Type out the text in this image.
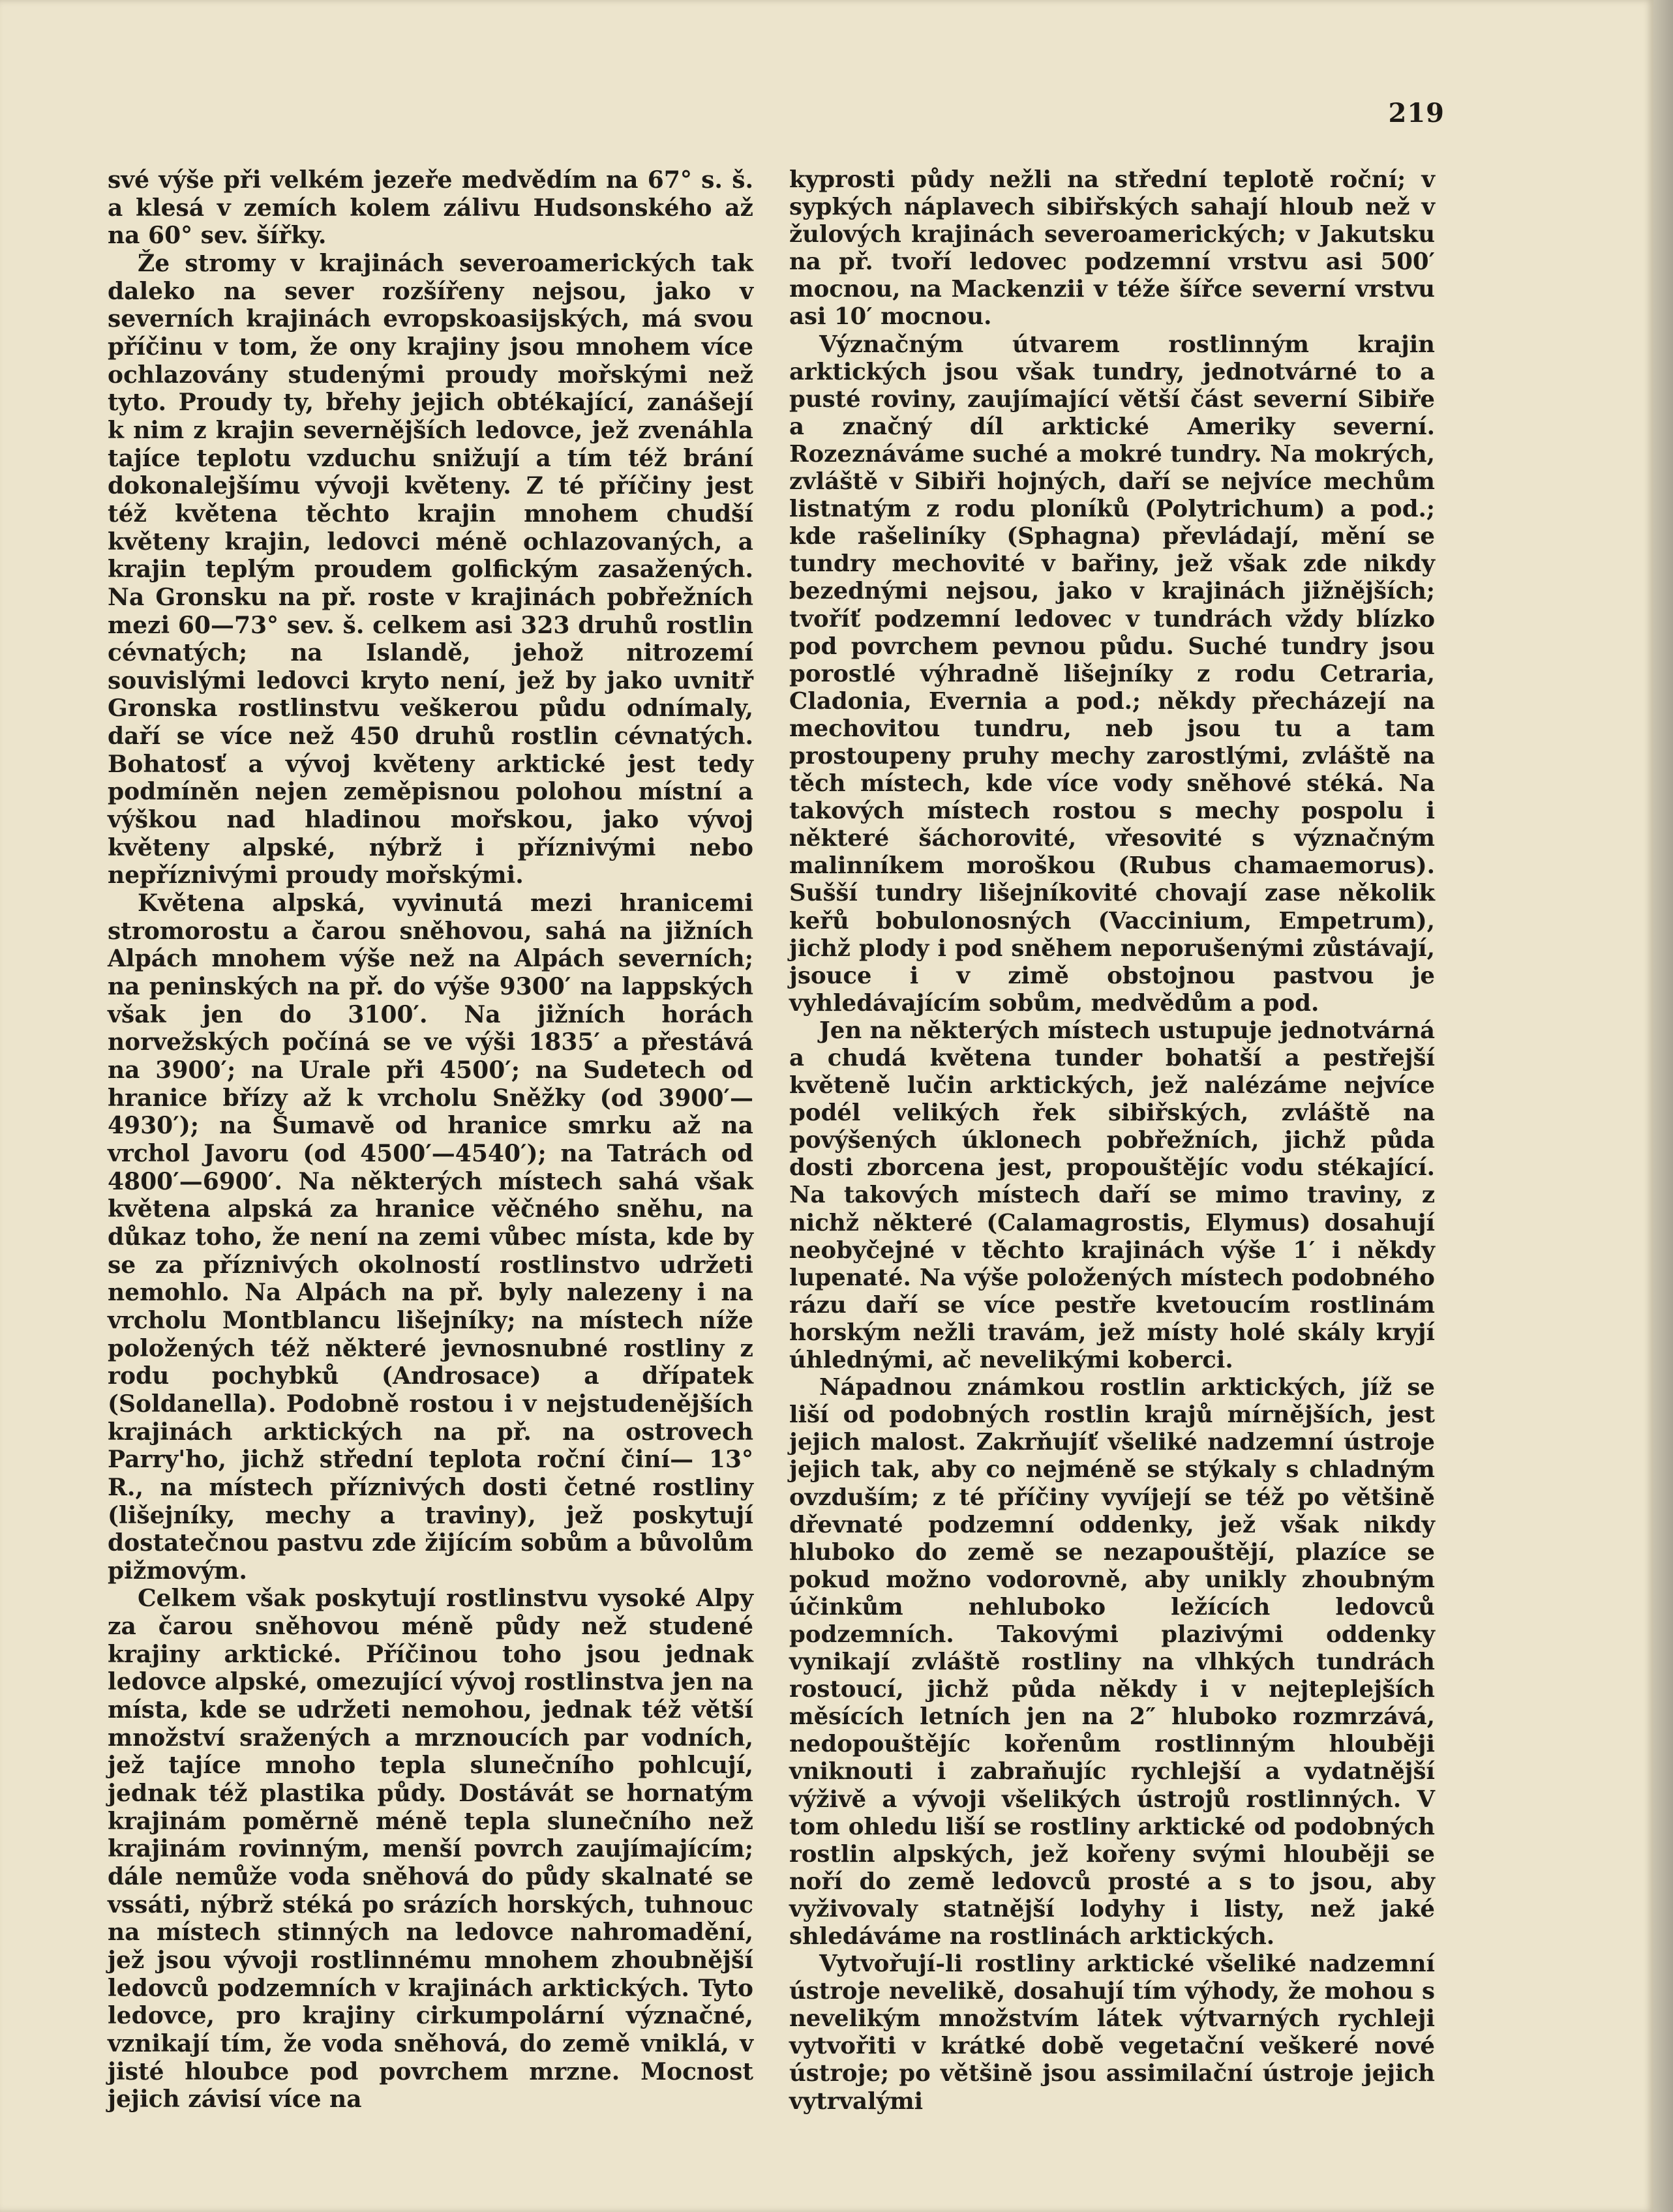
219

své výše při velkém jezeře medvědím na 67° s. š. a klesá v zemích kolem zálivu Hudsonského až na 60° sev. šířky.

Že stromy v krajinách severoamerických tak daleko na sever rozšířeny nejsou, jako v severních krajinách evropskoasijských, má svou příčinu v tom, že ony krajiny jsou mnohem více ochlazovány studenými proudy mořskými než tyto. Proudy ty, břehy jejich obtékající, zanášejí k nim z krajin severnějších ledovce, jež zvenáhla tajíce teplotu vzduchu snižují a tím též brání dokonalejšímu vývoji květeny. Z té příčiny jest též květena těchto krajin mnohem chudší květeny krajin, ledovci méně ochlazovaných, a krajin teplým proudem golfickým zasažených. Na Gronsku na př. roste v krajinách pobřežních mezi 60—73° sev. š. celkem asi 323 druhů rostlin cévnatých; na Islandě, jehož nitrozemí souvislými ledovci kryto není, jež by jako uvnitř Gronska rostlinstvu veškerou půdu odnímaly, daří se více než 450 druhů rostlin cévnatých. Bohatosť a vývoj květeny arktické jest tedy podmíněn nejen zeměpisnou polohou místní a výškou nad hladinou mořskou, jako vývoj květeny alpské, nýbrž i příznivými nebo nepříznivými proudy mořskými.

Květena alpská, vyvinutá mezi hranicemi stromorostu a čarou sněhovou, sahá na jižních Alpách mnohem výše než na Alpách severních; na peninských na př. do výše 9300′ na lappských však jen do 3100′. Na jižních horách norvežských počíná se ve výši 1835′ a přestává na 3900′; na Urale při 4500′; na Sudetech od hranice břízy až k vrcholu Sněžky (od 3900′—4930′); na Šumavě od hranice smrku až na vrchol Javoru (od 4500′—4540′); na Tatrách od 4800′—6900′. Na některých místech sahá však květena alpská za hranice věčného sněhu, na důkaz toho, že není na zemi vůbec místa, kde by se za příznivých okolností rostlinstvo udržeti nemohlo. Na Alpách na př. byly nalezeny i na vrcholu Montblancu lišejníky; na místech níže položených též některé jevnosnubné rostliny z rodu pochybků (Androsace) a dřípatek (Soldanella). Podobně rostou i v nejstudenějších krajinách arktických na př. na ostrovech Parry'ho, jichž střední teplota roční činí— 13° R., na místech příznivých dosti četné rostliny (lišejníky, mechy a traviny), jež poskytují dostatečnou pastvu zde žijícím sobům a bůvolům pižmovým.

Celkem však poskytují rostlinstvu vysoké Alpy za čarou sněhovou méně půdy než studené krajiny arktické. Příčinou toho jsou jednak ledovce alpské, omezující vývoj rostlinstva jen na místa, kde se udržeti nemohou, jednak též větší množství sražených a mrznoucích par vodních, jež tajíce mnoho tepla slunečního pohlcují, jednak též plastika půdy. Dostávát se hornatým krajinám poměrně méně tepla slunečního než krajinám rovinným, menší povrch zaujímajícím; dále nemůže voda sněhová do půdy skalnaté se vssáti, nýbrž stéká po srázích horských, tuhnouc na místech stinných na ledovce nahromadění, jež jsou vývoji rostlinnému mnohem zhoubnější ledovců podzemních v krajinách arktických. Tyto ledovce, pro krajiny cirkumpolární význačné, vznikají tím, že voda sněhová, do země vniklá, v jisté hloubce pod povrchem mrzne. Mocnost jejich závisí více na

kyprosti půdy nežli na střední teplotě roční; v sypkých náplavech sibiřských sahají hloub než v žulových krajinách severoamerických; v Jakutsku na př. tvoří ledovec podzemní vrstvu asi 500′ mocnou, na Mackenzii v téže šířce severní vrstvu asi 10′ mocnou.

Význačným útvarem rostlinným krajin arktických jsou však tundry, jednotvárné to a pusté roviny, zaujímající větší část severní Sibiře a značný díl arktické Ameriky severní. Rozeznáváme suché a mokré tundry. Na mokrých, zvláště v Sibiři hojných, daří se nejvíce mechům listnatým z rodu ploníků (Polytrichum) a pod.; kde rašeliníky (Sphagna) převládají, mění se tundry mechovité v bařiny, jež však zde nikdy bezednými nejsou, jako v krajinách jižnějších; tvoříť podzemní ledovec v tundrách vždy blízko pod povrchem pevnou půdu. Suché tundry jsou porostlé výhradně lišejníky z rodu Cetraria, Cladonia, Evernia a pod.; někdy přecházejí na mechovitou tundru, neb jsou tu a tam prostoupeny pruhy mechy zarostlými, zvláště na těch místech, kde více vody sněhové stéká. Na takových místech rostou s mechy pospolu i některé šáchorovité, vřesovité s význačným malinníkem moroškou (Rubus chamaemorus). Sušší tundry lišejníkovité chovají zase několik keřů bobulonosných (Vaccinium, Empetrum), jichž plody i pod sněhem neporušenými zůstávají, jsouce i v zimě obstojnou pastvou je vyhledávajícím sobům, medvědům a pod.

Jen na některých místech ustupuje jednotvárná a chudá květena tunder bohatší a pestřejší květeně lučin arktických, jež nalézáme nejvíce podél velikých řek sibiřských, zvláště na povýšených úklonech pobřežních, jichž půda dosti zborcena jest, propouštějíc vodu stékající. Na takových místech daří se mimo traviny, z nichž některé (Calamagrostis, Elymus) dosahují neobyčejné v těchto krajinách výše 1′ i někdy lupenaté. Na výše položených místech podobného rázu daří se více pestře kvetoucím rostlinám horským nežli travám, jež místy holé skály kryjí úhlednými, ač nevelikými koberci.

Nápadnou známkou rostlin arktických, jíž se liší od podobných rostlin krajů mírnějších, jest jejich malost. Zakrňujíť všeliké nadzemní ústroje jejich tak, aby co nejméně se stýkaly s chladným ovzduším; z té příčiny vyvíjejí se též po většině dřevnaté podzemní oddenky, jež však nikdy hluboko do země se nezapouštějí, plazíce se pokud možno vodorovně, aby unikly zhoubným účinkům nehluboko ležících ledovců podzemních. Takovými plazivými oddenky vynikají zvláště rostliny na vlhkých tundrách rostoucí, jichž půda někdy i v nejteplejších měsících letních jen na 2″ hluboko rozmrzává, nedopouštějíc kořenům rostlinným hlouběji vniknouti i zabraňujíc rychlejší a vydatnější výživě a vývoji všelikých ústrojů rostlinných. V tom ohledu liší se rostliny arktické od podobných rostlin alpských, jež kořeny svými hlouběji se noří do země ledovců prosté a s to jsou, aby vyživovaly statnější lodyhy i listy, než jaké shledáváme na rostlinách arktických.

Vytvořují-li rostliny arktické všeliké nadzemní ústroje nevelikě, dosahují tím výhody, že mohou s nevelikým množstvím látek výtvarných rychleji vytvořiti v krátké době vegetační veškeré nové ústroje; po většině jsou assimilační ústroje jejich vytrvalými
